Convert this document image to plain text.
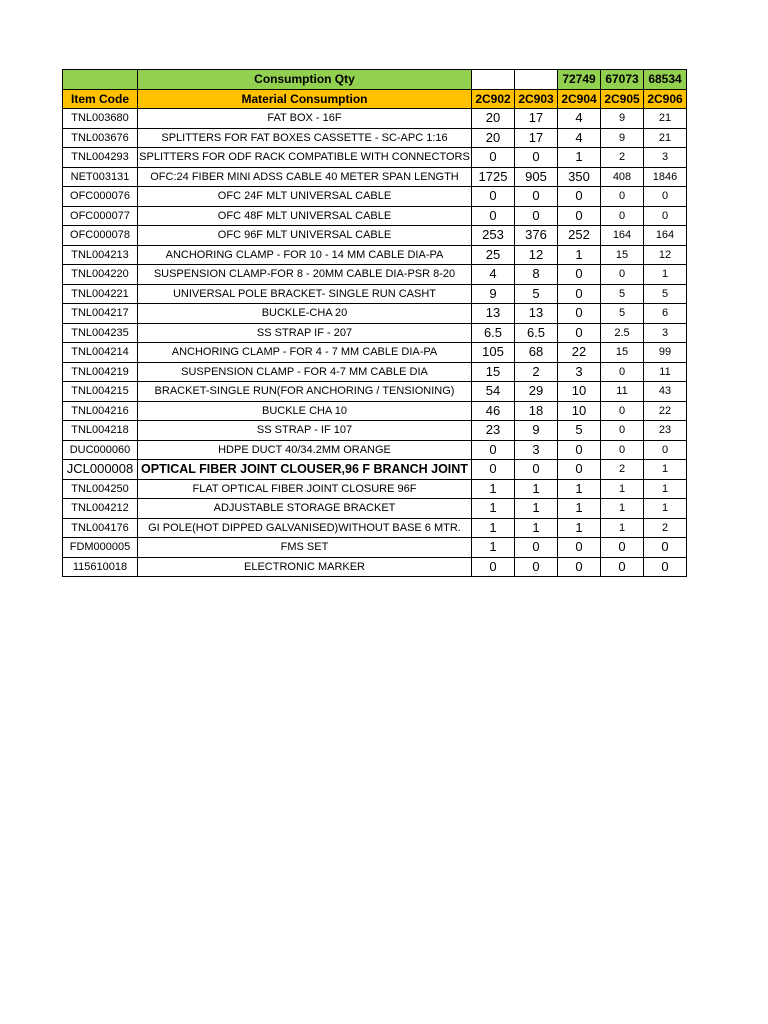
	Consumption Qty			72749	67073	68534
Item Code	Material Consumption	2C902	2C903	2C904	2C905	2C906
TNL003680	FAT BOX - 16F	20	17	4	9	21
TNL003676	SPLITTERS FOR FAT BOXES CASSETTE - SC-APC 1:16	20	17	4	9	21
TNL004293	SPLITTERS FOR ODF RACK COMPATIBLE WITH CONNECTORS	0	0	1	2	3
NET003131	OFC:24 FIBER MINI ADSS CABLE 40 METER SPAN LENGTH	1725	905	350	408	1846
OFC000076	OFC 24F MLT UNIVERSAL CABLE	0	0	0	0	0
OFC000077	OFC 48F MLT UNIVERSAL CABLE	0	0	0	0	0
OFC000078	OFC 96F MLT UNIVERSAL CABLE	253	376	252	164	164
TNL004213	ANCHORING CLAMP - FOR 10 - 14 MM CABLE DIA-PA	25	12	1	15	12
TNL004220	SUSPENSION CLAMP-FOR 8 - 20MM CABLE DIA-PSR 8-20	4	8	0	0	1
TNL004221	UNIVERSAL POLE BRACKET- SINGLE RUN CASHT	9	5	0	5	5
TNL004217	BUCKLE-CHA 20	13	13	0	5	6
TNL004235	SS STRAP IF - 207	6.5	6.5	0	2.5	3
TNL004214	ANCHORING CLAMP - FOR 4 - 7 MM CABLE DIA-PA	105	68	22	15	99
TNL004219	SUSPENSION CLAMP - FOR 4-7 MM CABLE DIA	15	2	3	0	11
TNL004215	BRACKET-SINGLE RUN(FOR ANCHORING / TENSIONING)	54	29	10	11	43
TNL004216	BUCKLE CHA 10	46	18	10	0	22
TNL004218	SS STRAP - IF 107	23	9	5	0	23
DUC000060	HDPE DUCT 40/34.2MM ORANGE	0	3	0	0	0
JCL000008	OPTICAL FIBER JOINT CLOUSER,96 F BRANCH JOINT	0	0	0	2	1
TNL004250	FLAT OPTICAL FIBER JOINT CLOSURE 96F	1	1	1	1	1
TNL004212	ADJUSTABLE STORAGE BRACKET	1	1	1	1	1
TNL004176	GI POLE(HOT DIPPED GALVANISED)WITHOUT BASE 6 MTR.	1	1	1	1	2
FDM000005	FMS SET	1	0	0	0	0
115610018	ELECTRONIC MARKER	0	0	0	0	0
